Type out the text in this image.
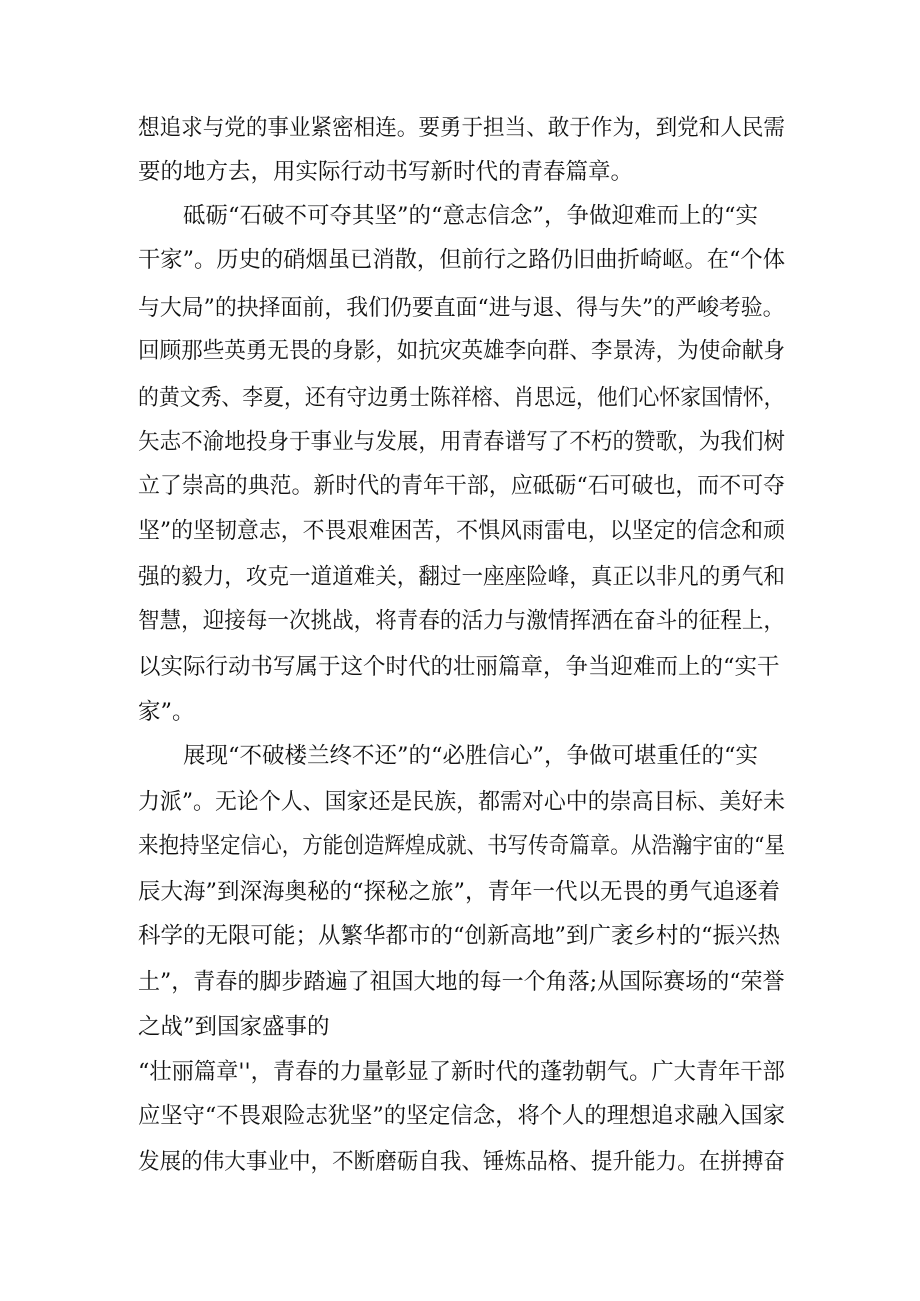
想追求与党的事业紧密相连。要勇于担当、敢于作为，到党和人民需
要的地方去，用实际行动书写新时代的青春篇章。
砥砺“石破不可夺其坚”的“意志信念”，争做迎难而上的“实
干家”。历史的硝烟虽已消散，但前行之路仍旧曲折崎岖。在“个体
与大局”的抉择面前，我们仍要直面“进与退、得与失”的严峻考验。
回顾那些英勇无畏的身影，如抗灾英雄李向群、李景涛，为使命献身
的黄文秀、李夏，还有守边勇士陈祥榕、肖思远，他们心怀家国情怀，
矢志不渝地投身于事业与发展，用青春谱写了不朽的赞歌，为我们树
立了崇高的典范。新时代的青年干部，应砥砺“石可破也，而不可夺
坚”的坚韧意志，不畏艰难困苦，不惧风雨雷电，以坚定的信念和顽
强的毅力，攻克一道道难关，翻过一座座险峰，真正以非凡的勇气和
智慧，迎接每一次挑战，将青春的活力与激情挥洒在奋斗的征程上，
以实际行动书写属于这个时代的壮丽篇章，争当迎难而上的“实干
家”。
展现“不破楼兰终不还”的“必胜信心”，争做可堪重任的“实
力派”。无论个人、国家还是民族，都需对心中的崇高目标、美好未
来抱持坚定信心，方能创造辉煌成就、书写传奇篇章。从浩瀚宇宙的“星
辰大海”到深海奥秘的“探秘之旅”，青年一代以无畏的勇气追逐着
科学的无限可能；从繁华都市的“创新高地”到广袤乡村的“振兴热
土”，青春的脚步踏遍了祖国大地的每一个角落;从国际赛场的“荣誉
之战”到国家盛事的
“壮丽篇章''，青春的力量彰显了新时代的蓬勃朝气。广大青年干部
应坚守“不畏艰险志犹坚”的坚定信念，将个人的理想追求融入国家
发展的伟大事业中，不断磨砺自我、锤炼品格、提升能力。在拼搏奋
